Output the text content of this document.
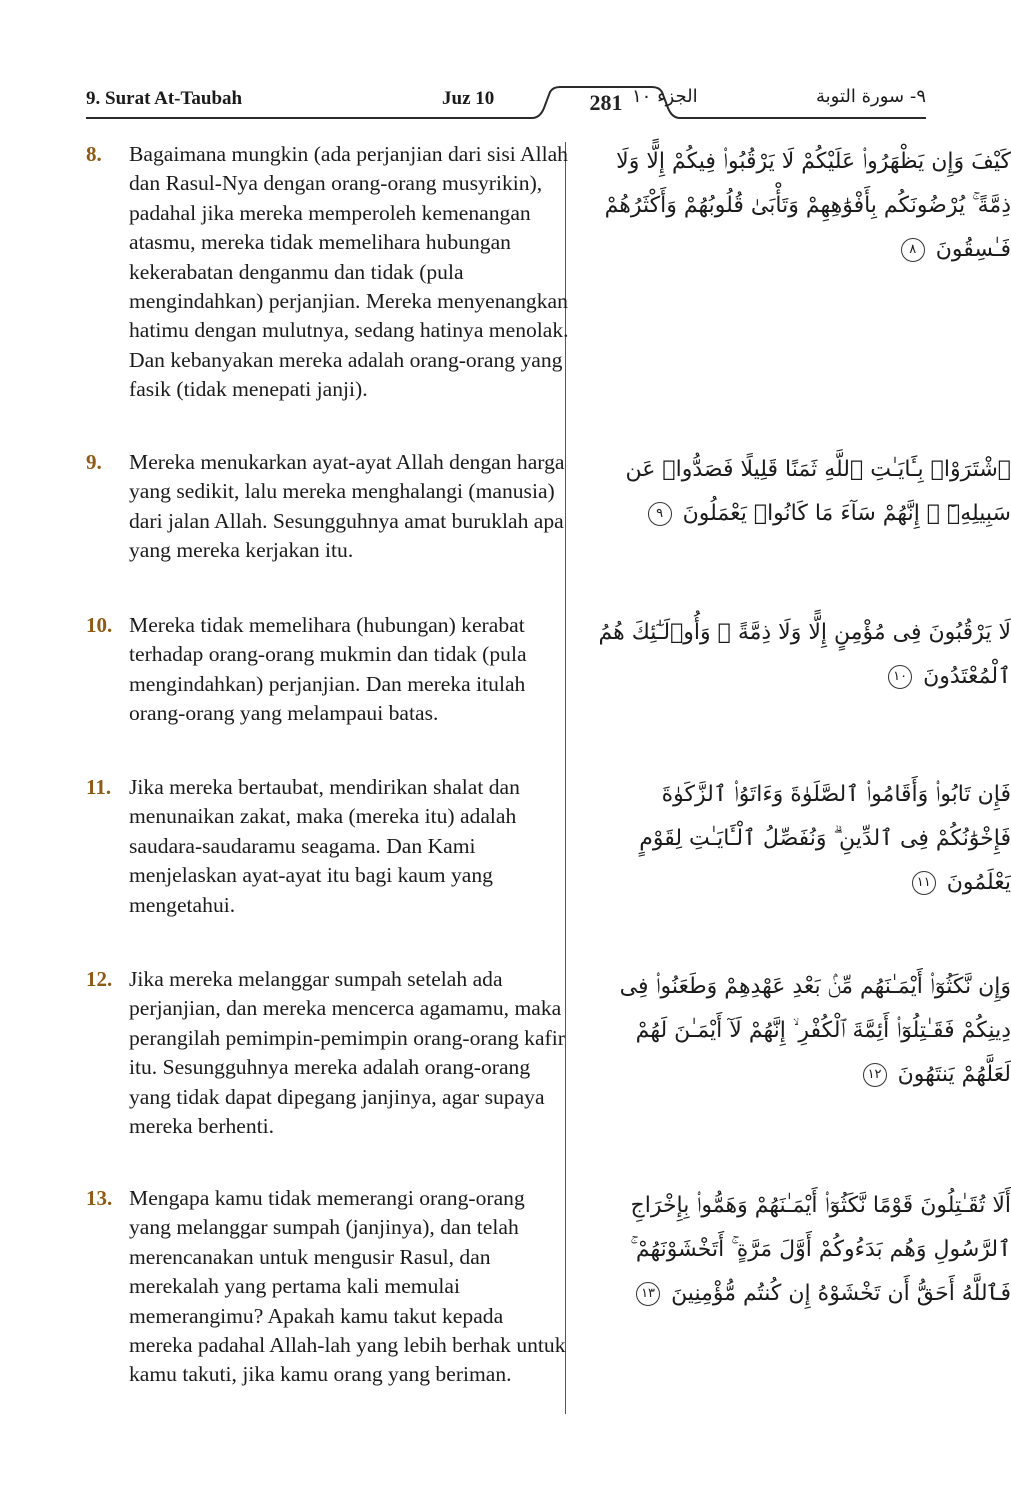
9. Surat At-Taubah	Juz 10	281 الجزء ١٠	٩- سورة التوبة
8. Bagaimana mungkin (ada perjanjian dari sisi Allah dan Rasul-Nya dengan orang-orang musyrikin), padahal jika mereka memperoleh kemenangan atasmu, mereka tidak memelihara hubungan kekerabatan denganmu dan tidak (pula mengindahkan) perjanjian. Mereka menyenangkan hatimu dengan mulutnya, sedang hatinya menolak. Dan kebanyakan mereka adalah orang-orang yang fasik (tidak menepati janji).
كَيْفَ وَإِن يَظْهَرُوا۟ عَلَيْكُمْ لَا يَرْقُبُوا۟ فِيكُمْ إِلًّا وَلَا ذِمَّةً ۚ يُرْضُونَكُم بِأَفْوَٰهِهِمْ وَتَأْبَىٰ قُلُوبُهُمْ وَأَكْثَرُهُمْ فَـٰسِقُونَ ٨
9. Mereka menukarkan ayat-ayat Allah dengan harga yang sedikit, lalu mereka menghalangi (manusia) dari jalan Allah. Sesungguhnya amat buruklah apa yang mereka kerjakan itu.
ٱشْتَرَوْا۟ بِـَٔايَـٰتِ ٱللَّهِ ثَمَنًا قَلِيلًا فَصَدُّوا۟ عَن سَبِيلِهِۦٓ ۚ إِنَّهُمْ سَآءَ مَا كَانُوا۟ يَعْمَلُونَ ٩
10. Mereka tidak memelihara (hubungan) kerabat terhadap orang-orang mukmin dan tidak (pula mengindahkan) perjanjian. Dan mereka itulah orang-orang yang melampaui batas.
لَا يَرْقُبُونَ فِى مُؤْمِنٍ إِلًّا وَلَا ذِمَّةً ۚ وَأُو۟لَـٰٓئِكَ هُمُ ٱلْمُعْتَدُونَ ١٠
11. Jika mereka bertaubat, mendirikan shalat dan menunaikan zakat, maka (mereka itu) adalah saudara-saudaramu seagama. Dan Kami menjelaskan ayat-ayat itu bagi kaum yang mengetahui.
فَإِن تَابُوا۟ وَأَقَامُوا۟ ٱلصَّلَوٰةَ وَءَاتَوُا۟ ٱلزَّكَوٰةَ فَإِخْوَٰنُكُمْ فِى ٱلدِّينِ ۗ وَنُفَصِّلُ ٱلْـَٔايَـٰتِ لِقَوْمٍ يَعْلَمُونَ ١١
12. Jika mereka melanggar sumpah setelah ada perjanjian, dan mereka mencerca agamamu, maka perangilah pemimpin-pemimpin orang-orang kafir itu. Sesungguhnya mereka adalah orang-orang yang tidak dapat dipegang janjinya, agar supaya mereka berhenti.
وَإِن نَّكَثُوٓا۟ أَيْمَـٰنَهُم مِّنۢ بَعْدِ عَهْدِهِمْ وَطَعَنُوا۟ فِى دِينِكُمْ فَقَـٰتِلُوٓا۟ أَئِمَّةَ ٱلْكُفْرِ ۙ إِنَّهُمْ لَآ أَيْمَـٰنَ لَهُمْ لَعَلَّهُمْ يَنتَهُونَ ١٢
13. Mengapa kamu tidak memerangi orang-orang yang melanggar sumpah (janjinya), dan telah merencanakan untuk mengusir Rasul, dan merekalah yang pertama kali memulai memerangimu? Apakah kamu takut kepada mereka padahal Allah-lah yang lebih berhak untuk kamu takuti, jika kamu orang yang beriman.
أَلَا تُقَـٰتِلُونَ قَوْمًا نَّكَثُوٓا۟ أَيْمَـٰنَهُمْ وَهَمُّوا۟ بِإِخْرَاجِ ٱلرَّسُولِ وَهُم بَدَءُوكُمْ أَوَّلَ مَرَّةٍ ۚ أَتَخْشَوْنَهُمْ ۚ فَٱللَّهُ أَحَقُّ أَن تَخْشَوْهُ إِن كُنتُم مُّؤْمِنِينَ ١٣
